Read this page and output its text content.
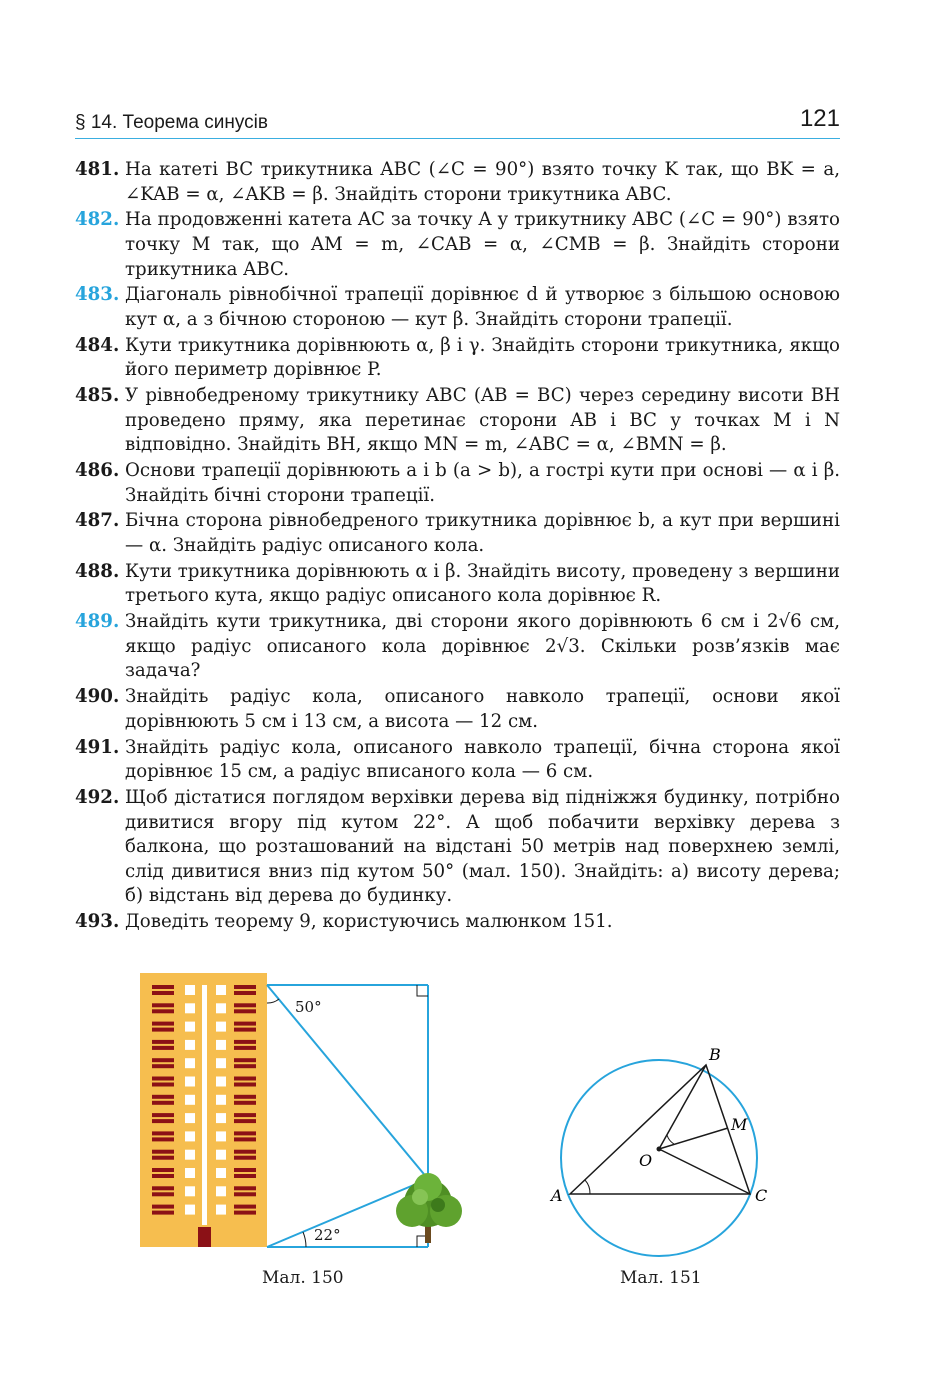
§ 14. Теорема синусів	121
481. На катеті BC трикутника ABC (∠C = 90°) взято точку K так, що BK = a, ∠KAB = α, ∠AKB = β. Знайдіть сторони трикутника ABC.
482. На продовженні катета AC за точку A у трикутнику ABC (∠C = 90°) взято точку M так, що AM = m, ∠CAB = α, ∠CMB = β. Знайдіть сторони трикутника ABC.
483. Діагональ рівнобічної трапеції дорівнює d й утворює з більшою основою кут α, а з бічною стороною — кут β. Знайдіть сторони трапеції.
484. Кути трикутника дорівнюють α, β і γ. Знайдіть сторони трикутника, якщо його периметр дорівнює P.
485. У рівнобедреному трикутнику ABC (AB = BC) через середину висоти BH проведено пряму, яка перетинає сторони AB і BC у точках M і N відповідно. Знайдіть BH, якщо MN = m, ∠ABC = α, ∠BMN = β.
486. Основи трапеції дорівнюють a і b (a > b), а гострі кути при основі — α і β. Знайдіть бічні сторони трапеції.
487. Бічна сторона рівнобедреного трикутника дорівнює b, а кут при вершині — α. Знайдіть радіус описаного кола.
488. Кути трикутника дорівнюють α і β. Знайдіть висоту, проведену з вершини третього кута, якщо радіус описаного кола дорівнює R.
489. Знайдіть кути трикутника, дві сторони якого дорівнюють 6 см і 2√6 см, якщо радіус описаного кола дорівнює 2√3. Скільки розв’язків має задача?
490. Знайдіть радіус кола, описаного навколо трапеції, основи якої дорівнюють 5 см і 13 см, а висота — 12 см.
491. Знайдіть радіус кола, описаного навколо трапеції, бічна сторона якої дорівнює 15 см, а радіус вписаного кола — 6 см.
492. Щоб дістатися поглядом верхівки дерева від підніжжя будинку, потрібно дивитися вгору під кутом 22°. А щоб побачити верхівку дерева з балкона, що розташований на відстані 50 метрів над поверхнею землі, слід дивитися вниз під кутом 50° (мал. 150). Знайдіть: а) висоту дерева; б) відстань від дерева до будинку.
493. Доведіть теорему 9, користуючись малюнком 151.
50°
22°
Мал. 150
B
A	C
O
M
Мал. 151
